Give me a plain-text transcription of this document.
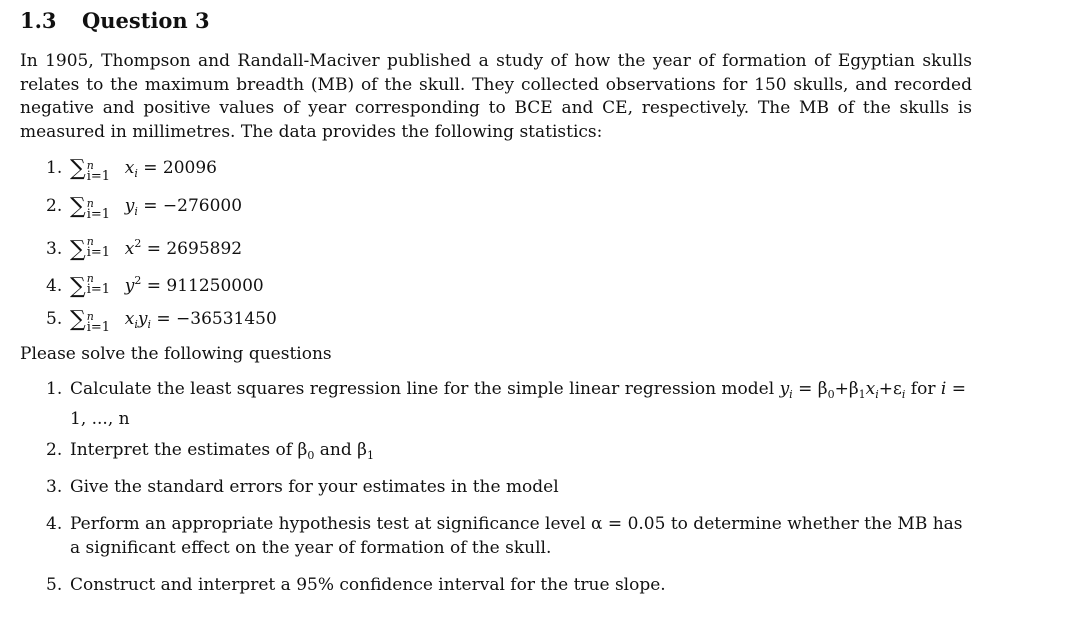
1.3 Question 3
In 1905, Thompson and Randall-Maciver published a study of how the year of formation of Egyptian skulls relates to the maximum breadth (MB) of the skull. They collected observations for 150 skulls, and recorded negative and positive values of year corresponding to BCE and CE, respectively. The MB of the skulls is measured in millimetres. The data provides the following statistics:
1. ∑ n
i=1 $x_i = 20096$
2. ∑ n
i=1 $y_i = -276000$
3. ∑ n
i=1 $x^2 = 2695892$
4. ∑ n
i=1 $y^2 = 911250000$
5. ∑ n
i=1 $x_iy_i = -36531450$
Please solve the following questions
1. Calculate the least squares regression line for the simple linear regression model $y_i = \beta_0+\beta_1x_i+\varepsilon_i$ for i =
1, ..., n
2. Interpret the estimates of $\beta_0$ and $\beta_1$
3. Give the standard errors for your estimates in the model
4. Perform an appropriate hypothesis test at significance level α = 0.05 to determine whether the MB has a significant effect on the year of formation of the skull.
5. Construct and interpret a 95% confidence interval for the true slope.
